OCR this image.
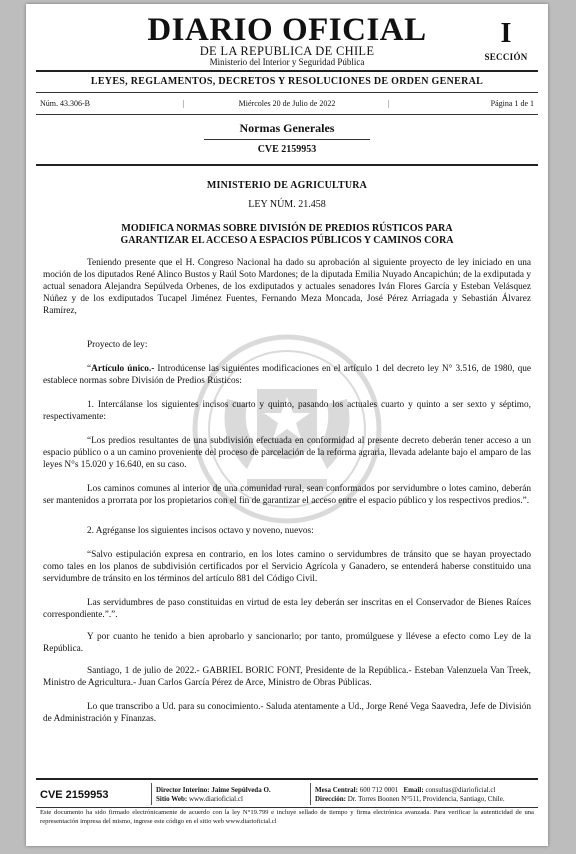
DIARIO OFICIAL
DE LA REPUBLICA DE CHILE
Ministerio del Interior y Seguridad Pública
I
SECCIÓN
LEYES, REGLAMENTOS, DECRETOS Y RESOLUCIONES DE ORDEN GENERAL
Núm. 43.306-B	|	Miércoles 20 de Julio de 2022	|	Página 1 de 1
Normas Generales
CVE 2159953
MINISTERIO DE AGRICULTURA
LEY NÚM. 21.458
MODIFICA NORMAS SOBRE DIVISIÓN DE PREDIOS RÚSTICOS PARA
GARANTIZAR EL ACCESO A ESPACIOS PÚBLICOS Y CAMINOS CORA

Teniendo presente que el H. Congreso Nacional ha dado su aprobación al siguiente proyecto de ley iniciado en una moción de los diputados René Alinco Bustos y Raúl Soto Mardones; de la diputada Emilia Nuyado Ancapichún; de la exdiputada y actual senadora Alejandra Sepúlveda Orbenes, de los exdiputados y actuales senadores Iván Flores García y Esteban Velásquez Núñez y de los exdiputados Tucapel Jiménez Fuentes, Fernando Meza Moncada, José Pérez Arriagada y Sebastián Álvarez Ramírez,

Proyecto de ley:

“Artículo único.- Introdúcense las siguientes modificaciones en el artículo 1 del decreto ley N° 3.516, de 1980, que establece normas sobre División de Predios Rústicos:

1. Intercálanse los siguientes incisos cuarto y quinto, pasando los actuales cuarto y quinto a ser sexto y séptimo, respectivamente:

“Los predios resultantes de una subdivisión efectuada en conformidad al presente decreto deberán tener acceso a un espacio público o a un camino proveniente del proceso de parcelación de la reforma agraria, llevada adelante bajo el amparo de las leyes N°s 15.020 y 16.640, en su caso.

Los caminos comunes al interior de una comunidad rural, sean conformados por servidumbre o lotes camino, deberán ser mantenidos a prorrata por los propietarios con el fin de garantizar el acceso entre el espacio público y los respectivos predios.”.

2. Agréganse los siguientes incisos octavo y noveno, nuevos:

“Salvo estipulación expresa en contrario, en los lotes camino o servidumbres de tránsito que se hayan proyectado como tales en los planos de subdivisión certificados por el Servicio Agrícola y Ganadero, se entenderá haberse constituido una servidumbre de tránsito en los términos del artículo 881 del Código Civil.

Las servidumbres de paso constituidas en virtud de esta ley deberán ser inscritas en el Conservador de Bienes Raíces correspondiente.”.”.

Y por cuanto he tenido a bien aprobarlo y sancionarlo; por tanto, promúlguese y llévese a efecto como Ley de la República.

Santiago, 1 de julio de 2022.- GABRIEL BORIC FONT, Presidente de la República.- Esteban Valenzuela Van Treek, Ministro de Agricultura.- Juan Carlos García Pérez de Arce, Ministro de Obras Públicas.

Lo que transcribo a Ud. para su conocimiento.- Saluda atentamente a Ud., Jorge René Vega Saavedra, Jefe de División de Administración y Finanzas.

CVE 2159953	Director Interino: Jaime Sepúlveda O.
Sitio Web: www.diarioficial.cl
Mesa Central: 600 712 0001 Email: consultas@diarioficial.cl
Dirección: Dr. Torres Boonen N°511, Providencia, Santiago, Chile.
Este documento ha sido firmado electrónicamente de acuerdo con la ley N°19.799 e incluye sellado de tiempo y firma electrónica avanzada. Para verificar la autenticidad de una representación impresa del mismo, ingrese este código en el sitio web www.diarioficial.cl
